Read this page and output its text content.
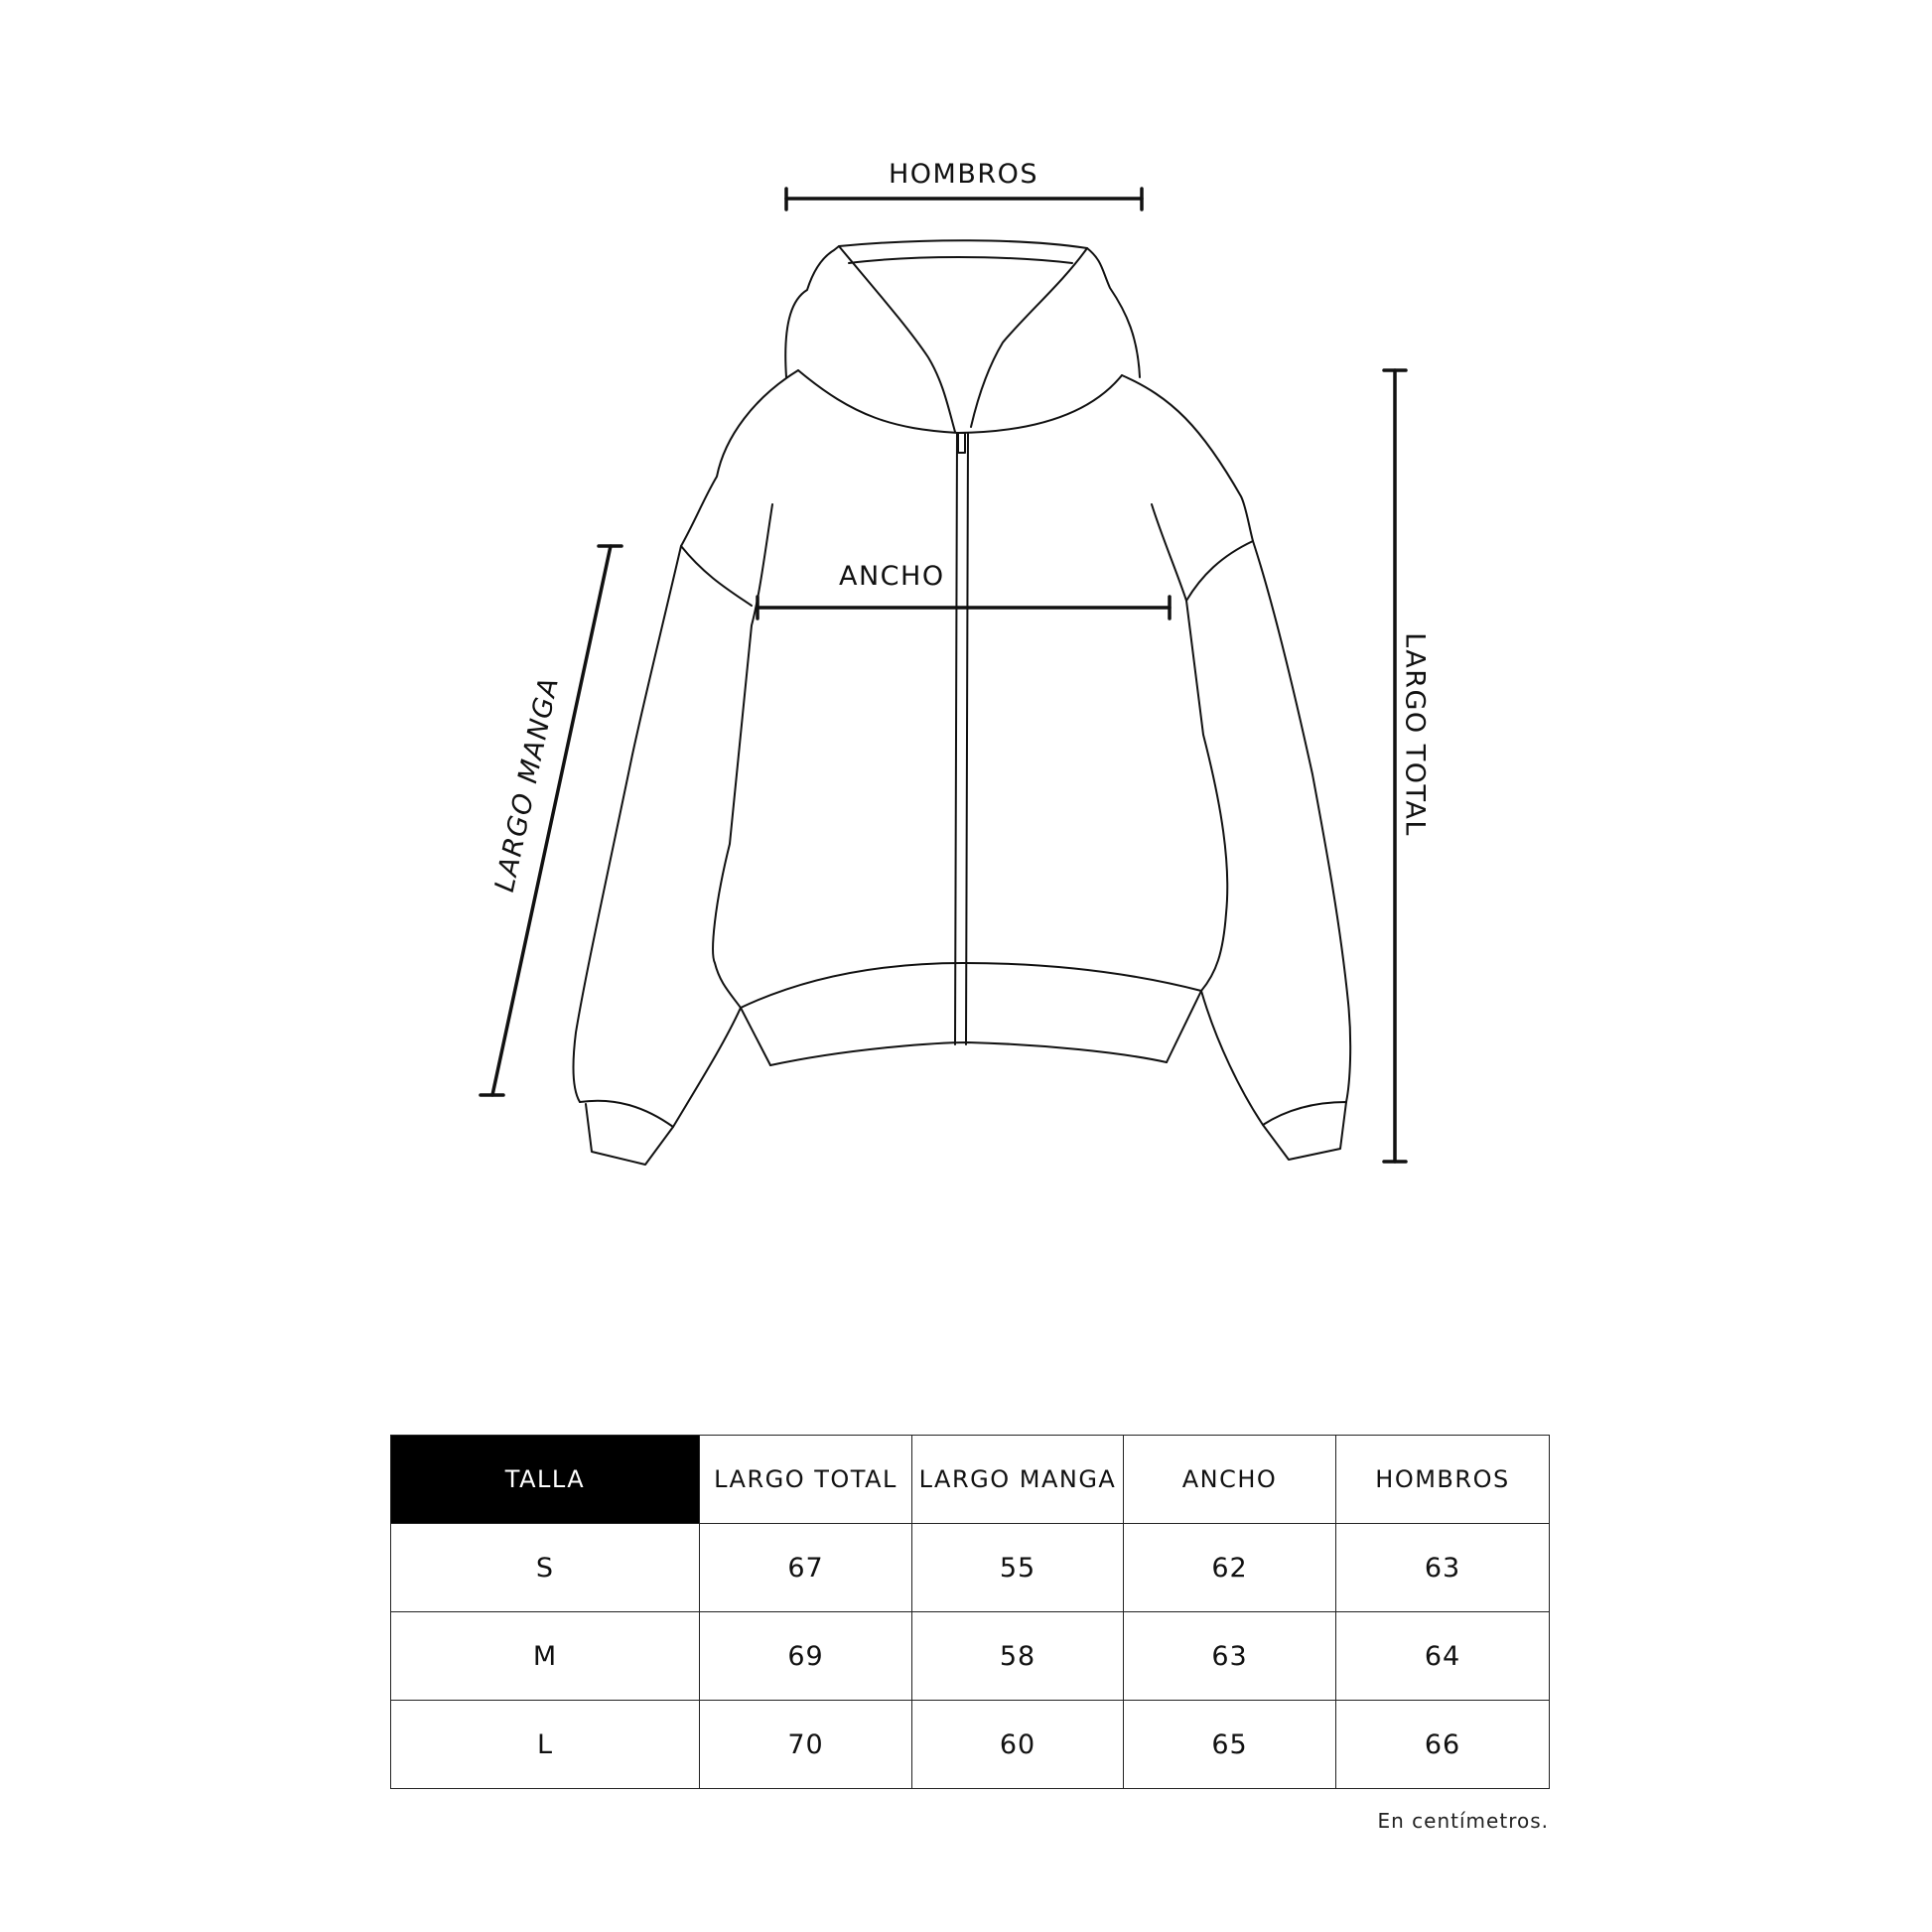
HOMBROS
ANCHO
LARGO MANGA	LARGO TOTAL
TALLA	LARGO TOTAL	LARGO MANGA	ANCHO	HOMBROS
S	67	55	62	63
M	69	58	63	64
L	70	60	65	66
En centímetros.
